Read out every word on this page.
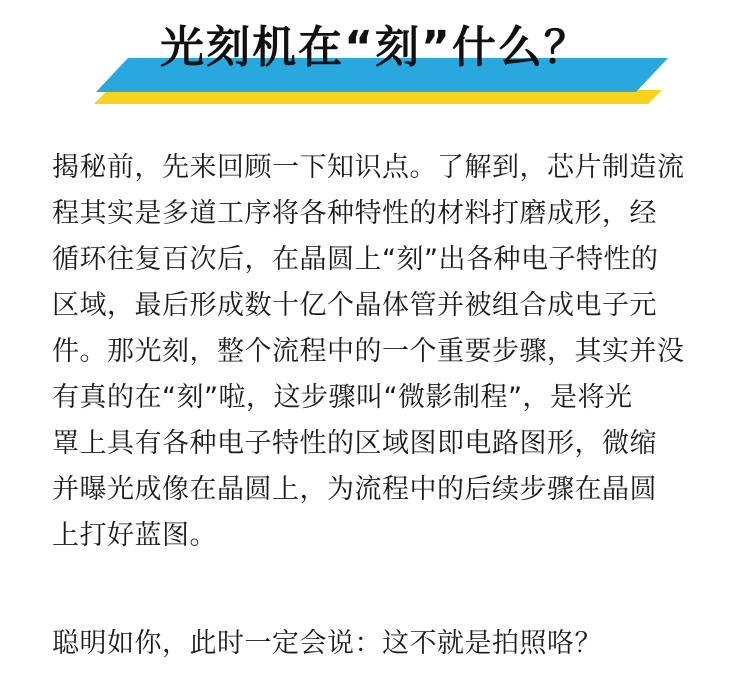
光刻机在“刻”什么？

揭秘前，先来回顾一下知识点。了解到，芯片制造流
程其实是多道工序将各种特性的材料打磨成形，经
循环往复百次后，在晶圆上“刻”出各种电子特性的
区域，最后形成数十亿个晶体管并被组合成电子元
件。那光刻，整个流程中的一个重要步骤，其实并没
有真的在“刻”啦，这步骤叫“微影制程”，是将光
罩上具有各种电子特性的区域图即电路图形，微缩
并曝光成像在晶圆上，为流程中的后续步骤在晶圆
上打好蓝图。

聪明如你，此时一定会说：这不就是拍照咯？
